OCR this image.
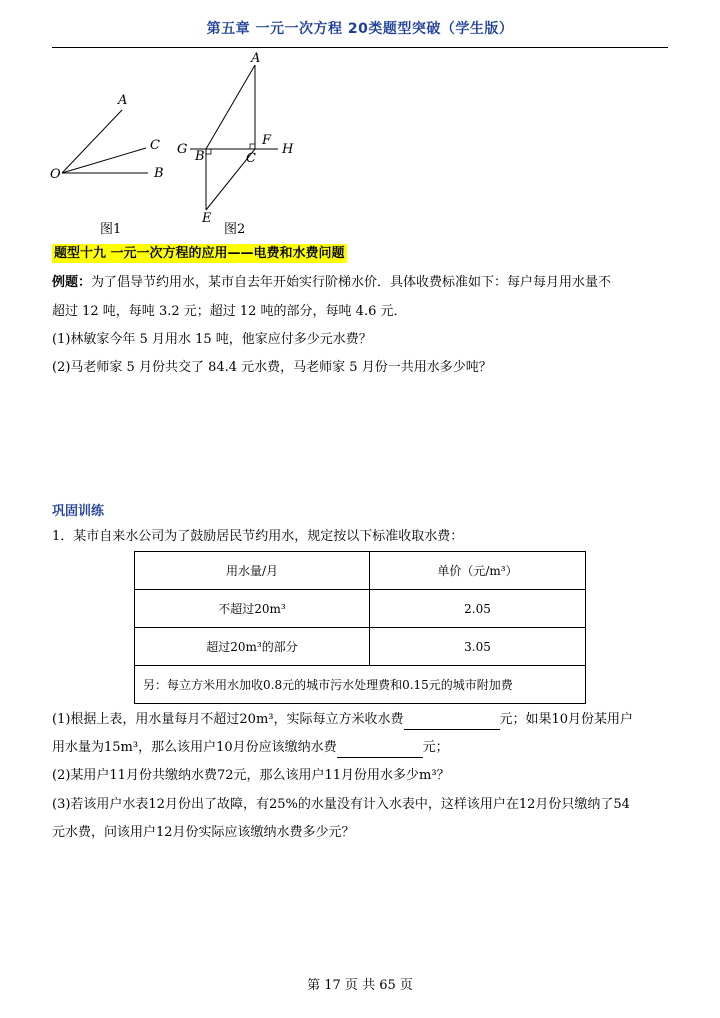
第五章 一元一次方程 20类题型突破（学生版）
A
C
O	B
图1
A
G B
F
C
H
E
图2
题型十九 一元一次方程的应用——电费和水费问题
例题：为了倡导节约用水，某市自去年开始实行阶梯水价．具体收费标准如下：每户每月用水量不
超过 12 吨，每吨 3.2 元；超过 12 吨的部分，每吨 4.6 元．
(1)林敏家今年 5 月用水 15 吨，他家应付多少元水费？
(2)马老师家 5 月份共交了 84.4 元水费，马老师家 5 月份一共用水多少吨？
巩固训练
1．某市自来水公司为了鼓励居民节约用水，规定按以下标准收取水费：
用水量/月	单价（元/m³）
不超过20m³	2.05
超过20m³的部分	3.05
另：每立方米用水加收0.8元的城市污水处理费和0.15元的城市附加费	
(1)根据上表，用水量每月不超过20m³，实际每立方米收水费	元；如果10月份某用户
用水量为15m³，那么该用户10月份应该缴纳水费	元；
(2)某用户11月份共缴纳水费72元，那么该用户11月份用水多少m³？
(3)若该用户水表12月份出了故障，有25%的水量没有计入水表中，这样该用户在12月份只缴纳了54
元水费，问该用户12月份实际应该缴纳水费多少元？
第 17 页 共 65 页
